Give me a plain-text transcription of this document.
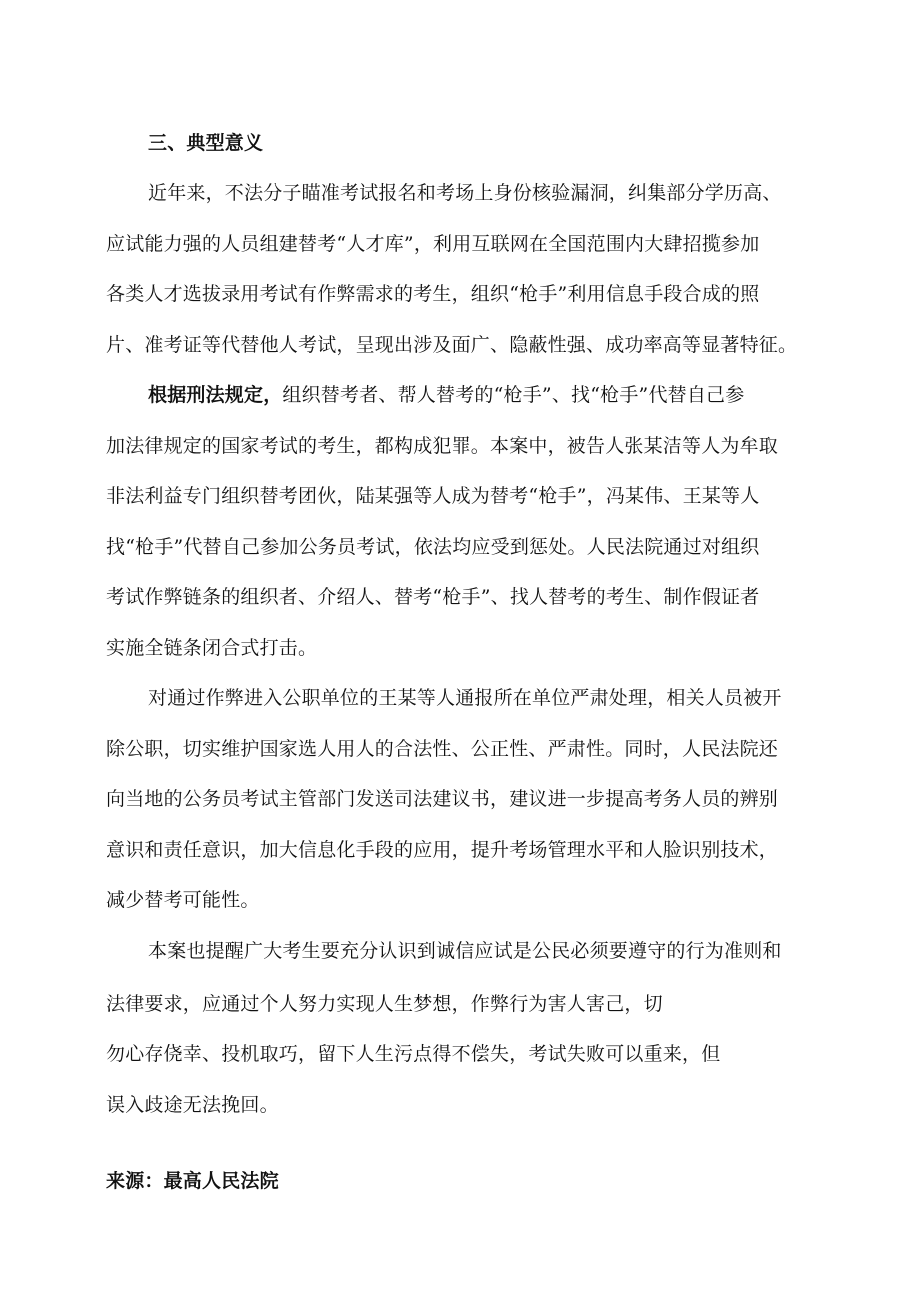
三、典型意义
近年来，不法分子瞄准考试报名和考场上身份核验漏洞，纠集部分学历高、
应试能力强的人员组建替考“人才库”，利用互联网在全国范围内大肆招揽参加
各类人才选拔录用考试有作弊需求的考生，组织“枪手”利用信息手段合成的照
片、准考证等代替他人考试，呈现出涉及面广、隐蔽性强、成功率高等显著特征。
根据刑法规定，组织替考者、帮人替考的“枪手”、找“枪手”代替自己参
加法律规定的国家考试的考生，都构成犯罪。本案中，被告人张某洁等人为牟取
非法利益专门组织替考团伙，陆某强等人成为替考“枪手”，冯某伟、王某等人
找“枪手”代替自己参加公务员考试，依法均应受到惩处。人民法院通过对组织
考试作弊链条的组织者、介绍人、替考“枪手”、找人替考的考生、制作假证者
实施全链条闭合式打击。
对通过作弊进入公职单位的王某等人通报所在单位严肃处理，相关人员被开
除公职，切实维护国家选人用人的合法性、公正性、严肃性。同时，人民法院还
向当地的公务员考试主管部门发送司法建议书，建议进一步提高考务人员的辨别
意识和责任意识，加大信息化手段的应用，提升考场管理水平和人脸识别技术，
减少替考可能性。
本案也提醒广大考生要充分认识到诚信应试是公民必须要遵守的行为准则和
法律要求，应通过个人努力实现人生梦想，作弊行为害人害己，切
勿心存侥幸、投机取巧，留下人生污点得不偿失，考试失败可以重来，但
误入歧途无法挽回。
来源：最高人民法院
